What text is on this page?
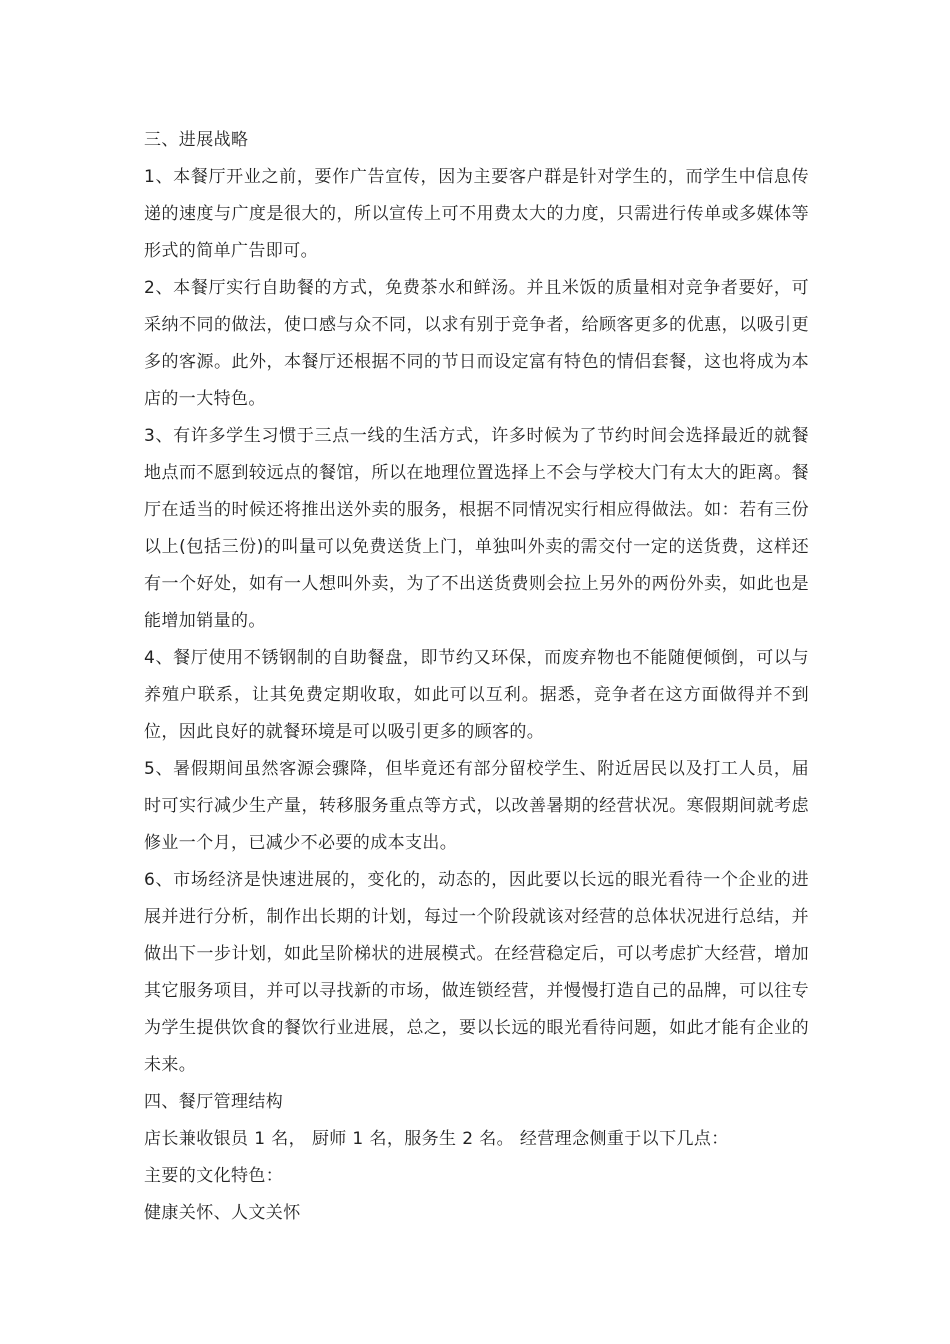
三、进展战略

1、本餐厅开业之前，要作广告宣传，因为主要客户群是针对学生的，而学生中信息传递的速度与广度是很大的，所以宣传上可不用费太大的力度，只需进行传单或多媒体等形式的简单广告即可。

2、本餐厅实行自助餐的方式，免费茶水和鲜汤。并且米饭的质量相对竞争者要好，可采纳不同的做法，使口感与众不同，以求有别于竞争者，给顾客更多的优惠，以吸引更多的客源。此外，本餐厅还根据不同的节日而设定富有特色的情侣套餐，这也将成为本店的一大特色。

3、有许多学生习惯于三点一线的生活方式，许多时候为了节约时间会选择最近的就餐地点而不愿到较远点的餐馆，所以在地理位置选择上不会与学校大门有太大的距离。餐厅在适当的时候还将推出送外卖的服务，根据不同情况实行相应得做法。如：若有三份以上(包括三份)的叫量可以免费送货上门，单独叫外卖的需交付一定的送货费，这样还有一个好处，如有一人想叫外卖，为了不出送货费则会拉上另外的两份外卖，如此也是能增加销量的。

4、餐厅使用不锈钢制的自助餐盘，即节约又环保，而废弃物也不能随便倾倒，可以与养殖户联系，让其免费定期收取，如此可以互利。据悉，竞争者在这方面做得并不到位，因此良好的就餐环境是可以吸引更多的顾客的。

5、暑假期间虽然客源会骤降，但毕竟还有部分留校学生、附近居民以及打工人员，届时可实行减少生产量，转移服务重点等方式，以改善暑期的经营状况。寒假期间就考虑修业一个月，已减少不必要的成本支出。

6、市场经济是快速进展的，变化的，动态的，因此要以长远的眼光看待一个企业的进展并进行分析，制作出长期的计划，每过一个阶段就该对经营的总体状况进行总结，并做出下一步计划，如此呈阶梯状的进展模式。在经营稳定后，可以考虑扩大经营，增加其它服务项目，并可以寻找新的市场，做连锁经营，并慢慢打造自己的品牌，可以往专为学生提供饮食的餐饮行业进展，总之，要以长远的眼光看待问题，如此才能有企业的未来。

四、餐厅管理结构

店长兼收银员 1 名， 厨师 1 名，服务生 2 名。 经营理念侧重于以下几点：

主要的文化特色：

健康关怀、人文关怀
